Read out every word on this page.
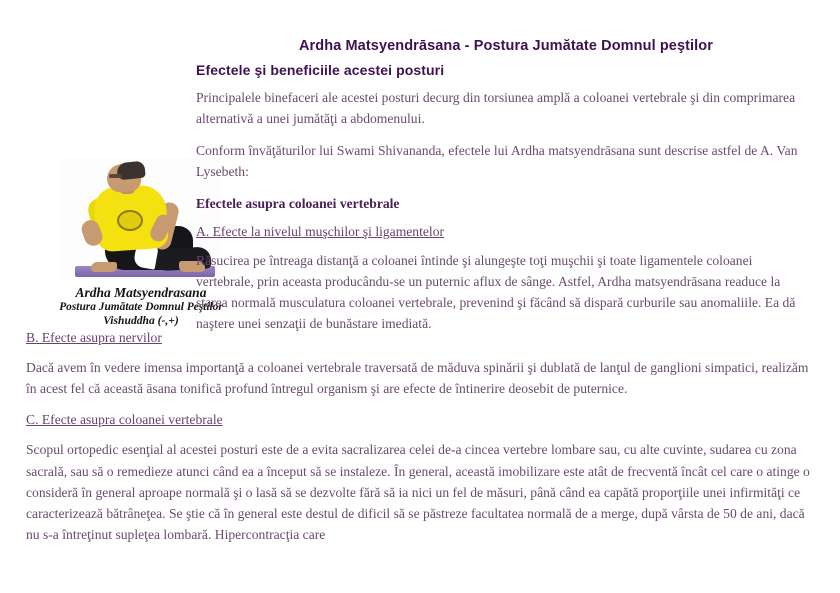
Ardha Matsyendrāsana - Postura Jumătate Domnul peştilor
Ardha Matsyendrasana
Postura Jumătate Domnul Peştilor
Vishuddha (-,+)
Efectele şi beneficiile acestei posturi

Principalele binefaceri ale acestei posturi decurg din torsiunea amplă a coloanei vertebrale şi din comprimarea alternativă a unei jumătăţi a abdomenului.

Conform învăţăturilor lui Swami Shivananda, efectele lui Ardha matsyendrāsana sunt descrise astfel de A. Van Lysebeth:

Efectele asupra coloanei vertebrale
A. Efecte la nivelul muşchilor şi ligamentelor

Răsucirea pe întreaga distanţă a coloanei întinde şi alungeşte toţi muşchii şi toate ligamentele coloanei vertebrale, prin aceasta producându-se un puternic aflux de sânge. Astfel, Ardha matsyendrāsana readuce la starea normală musculatura coloanei vertebrale, prevenind şi făcând să dispară curburile sau anomaliile. Ea dă naştere unei senzaţii de bunăstare imediată.

B. Efecte asupra nervilor

Dacă avem în vedere imensa importanţă a coloanei vertebrale traversată de măduva spinării şi dublată de lanţul de ganglioni simpatici, realizăm în acest fel că această āsana tonifică profund întregul organism şi are efecte de întinerire deosebit de puternice.

C. Efecte asupra coloanei vertebrale

Scopul ortopedic esenţial al acestei posturi este de a evita sacralizarea celei de-a cincea vertebre lombare sau, cu alte cuvinte, sudarea cu zona sacrală, sau să o remedieze atunci când ea a început să se instaleze. În general, această imobilizare este atât de frecventă încât cel care o atinge o consideră în general aproape normală şi o lasă să se dezvolte fără să ia nici un fel de măsuri, până când ea capătă proporţiile unei infirmităţi ce caracterizează bătrâneţea. Se ştie că în general este destul de dificil să se păstreze facultatea normală de a merge, după vârsta de 50 de ani, dacă nu s-a întreţinut supleţea lombară. Hipercontracţia care
